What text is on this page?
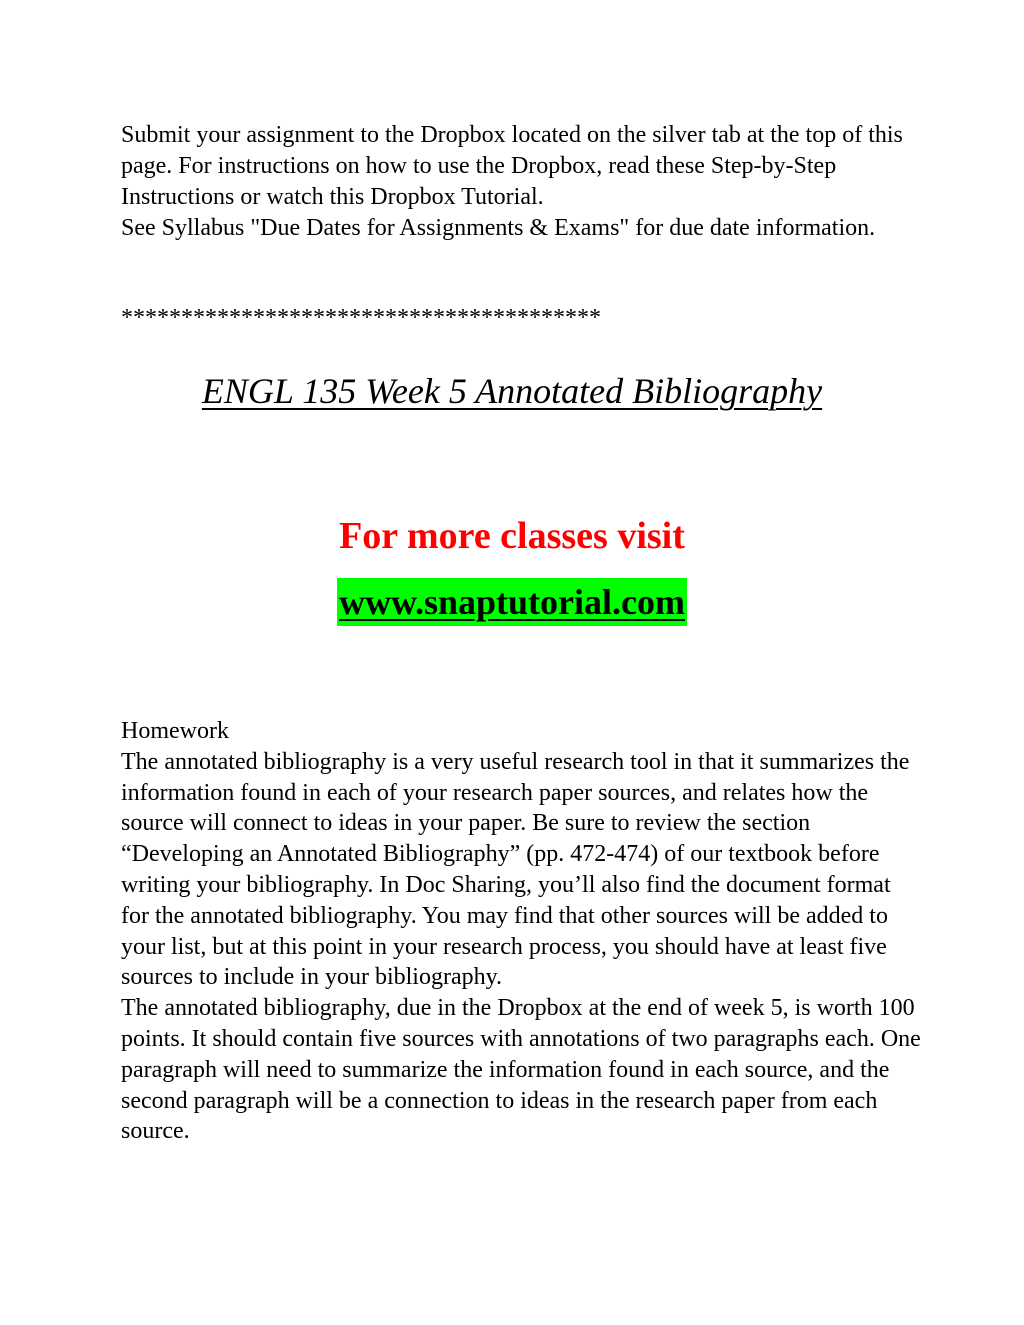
Submit your assignment to the Dropbox located on the silver tab at the top of this page. For instructions on how to use the Dropbox, read these Step-by-Step Instructions or watch this Dropbox Tutorial.

See Syllabus "Due Dates for Assignments & Exams" for due date information.

****************************************
ENGL 135 Week 5 Annotated Bibliography
For more classes visit
www.snaptutorial.com

Homework

The annotated bibliography is a very useful research tool in that it summarizes the information found in each of your research paper sources, and relates how the source will connect to ideas in your paper. Be sure to review the section “Developing an Annotated Bibliography” (pp. 472-474) of our textbook before writing your bibliography. In Doc Sharing, you’ll also find the document format for the annotated bibliography. You may find that other sources will be added to your list, but at this point in your research process, you should have at least five sources to include in your bibliography.

The annotated bibliography, due in the Dropbox at the end of week 5, is worth 100 points. It should contain five sources with annotations of two paragraphs each. One paragraph will need to summarize the information found in each source, and the second paragraph will be a connection to ideas in the research paper from each source.
